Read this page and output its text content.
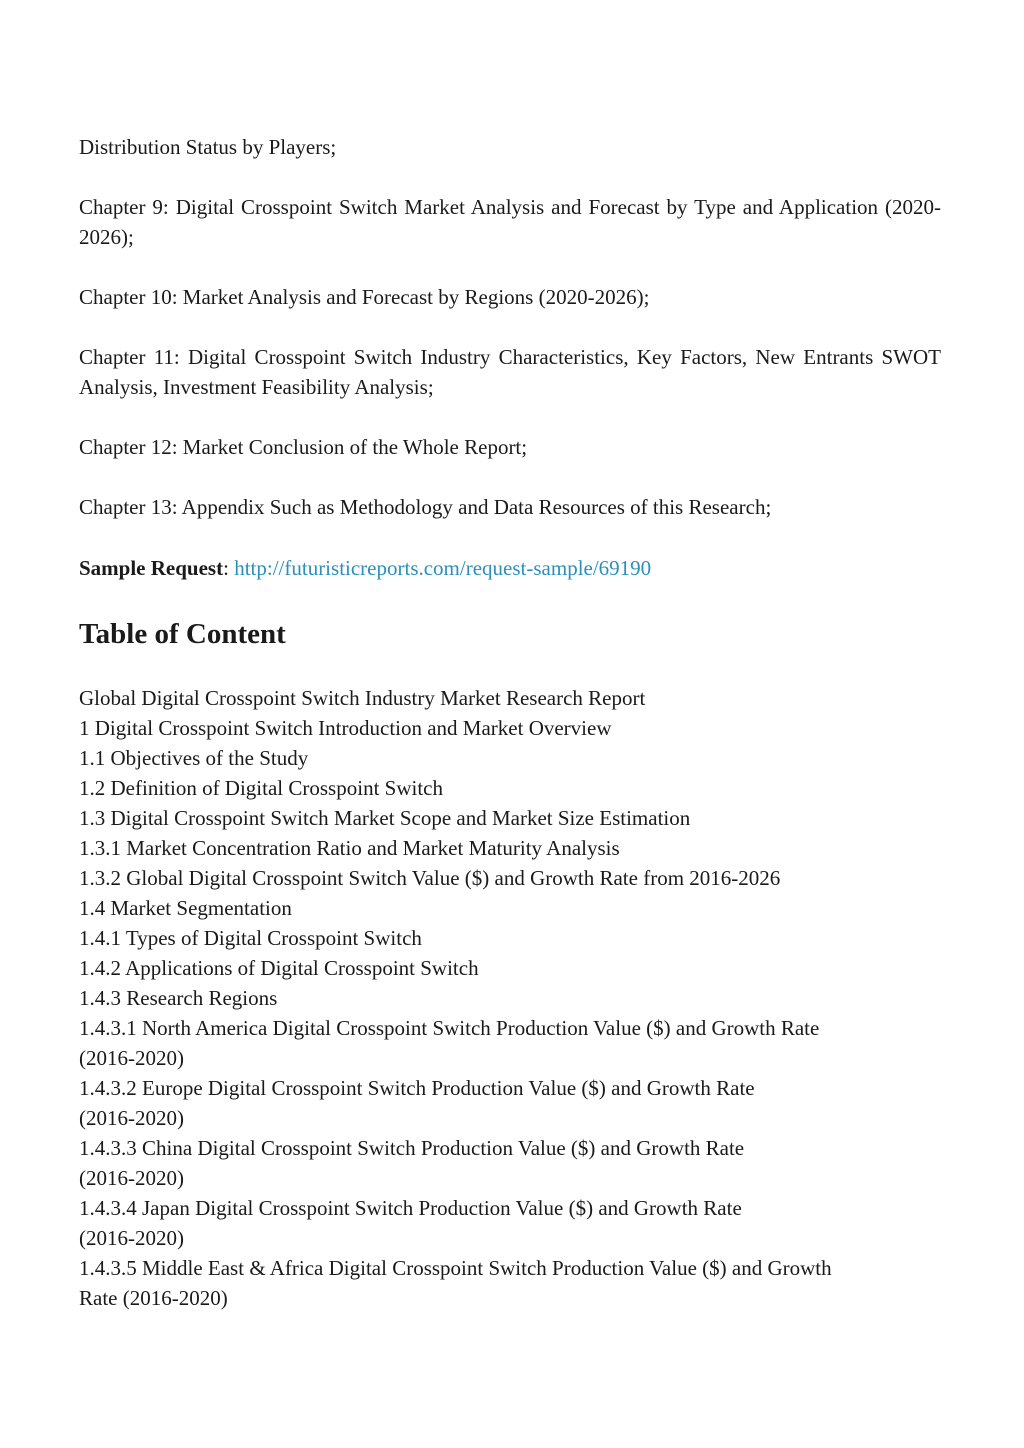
Distribution Status by Players;

Chapter 9: Digital Crosspoint Switch Market Analysis and Forecast by Type and Application (2020-2026);

Chapter 10: Market Analysis and Forecast by Regions (2020-2026);

Chapter 11: Digital Crosspoint Switch Industry Characteristics, Key Factors, New Entrants SWOT Analysis, Investment Feasibility Analysis;

Chapter 12: Market Conclusion of the Whole Report;

Chapter 13: Appendix Such as Methodology and Data Resources of this Research;

Sample Request: http://futuristicreports.com/request-sample/69190

Table of Content
Global Digital Crosspoint Switch Industry Market Research Report
1 Digital Crosspoint Switch Introduction and Market Overview
1.1 Objectives of the Study
1.2 Definition of Digital Crosspoint Switch
1.3 Digital Crosspoint Switch Market Scope and Market Size Estimation
1.3.1 Market Concentration Ratio and Market Maturity Analysis
1.3.2 Global Digital Crosspoint Switch Value ($) and Growth Rate from 2016-2026
1.4 Market Segmentation
1.4.1 Types of Digital Crosspoint Switch
1.4.2 Applications of Digital Crosspoint Switch
1.4.3 Research Regions
1.4.3.1 North America Digital Crosspoint Switch Production Value ($) and Growth Rate
(2016-2020)
1.4.3.2 Europe Digital Crosspoint Switch Production Value ($) and Growth Rate
(2016-2020)
1.4.3.3 China Digital Crosspoint Switch Production Value ($) and Growth Rate
(2016-2020)
1.4.3.4 Japan Digital Crosspoint Switch Production Value ($) and Growth Rate
(2016-2020)
1.4.3.5 Middle East & Africa Digital Crosspoint Switch Production Value ($) and Growth
Rate (2016-2020)
